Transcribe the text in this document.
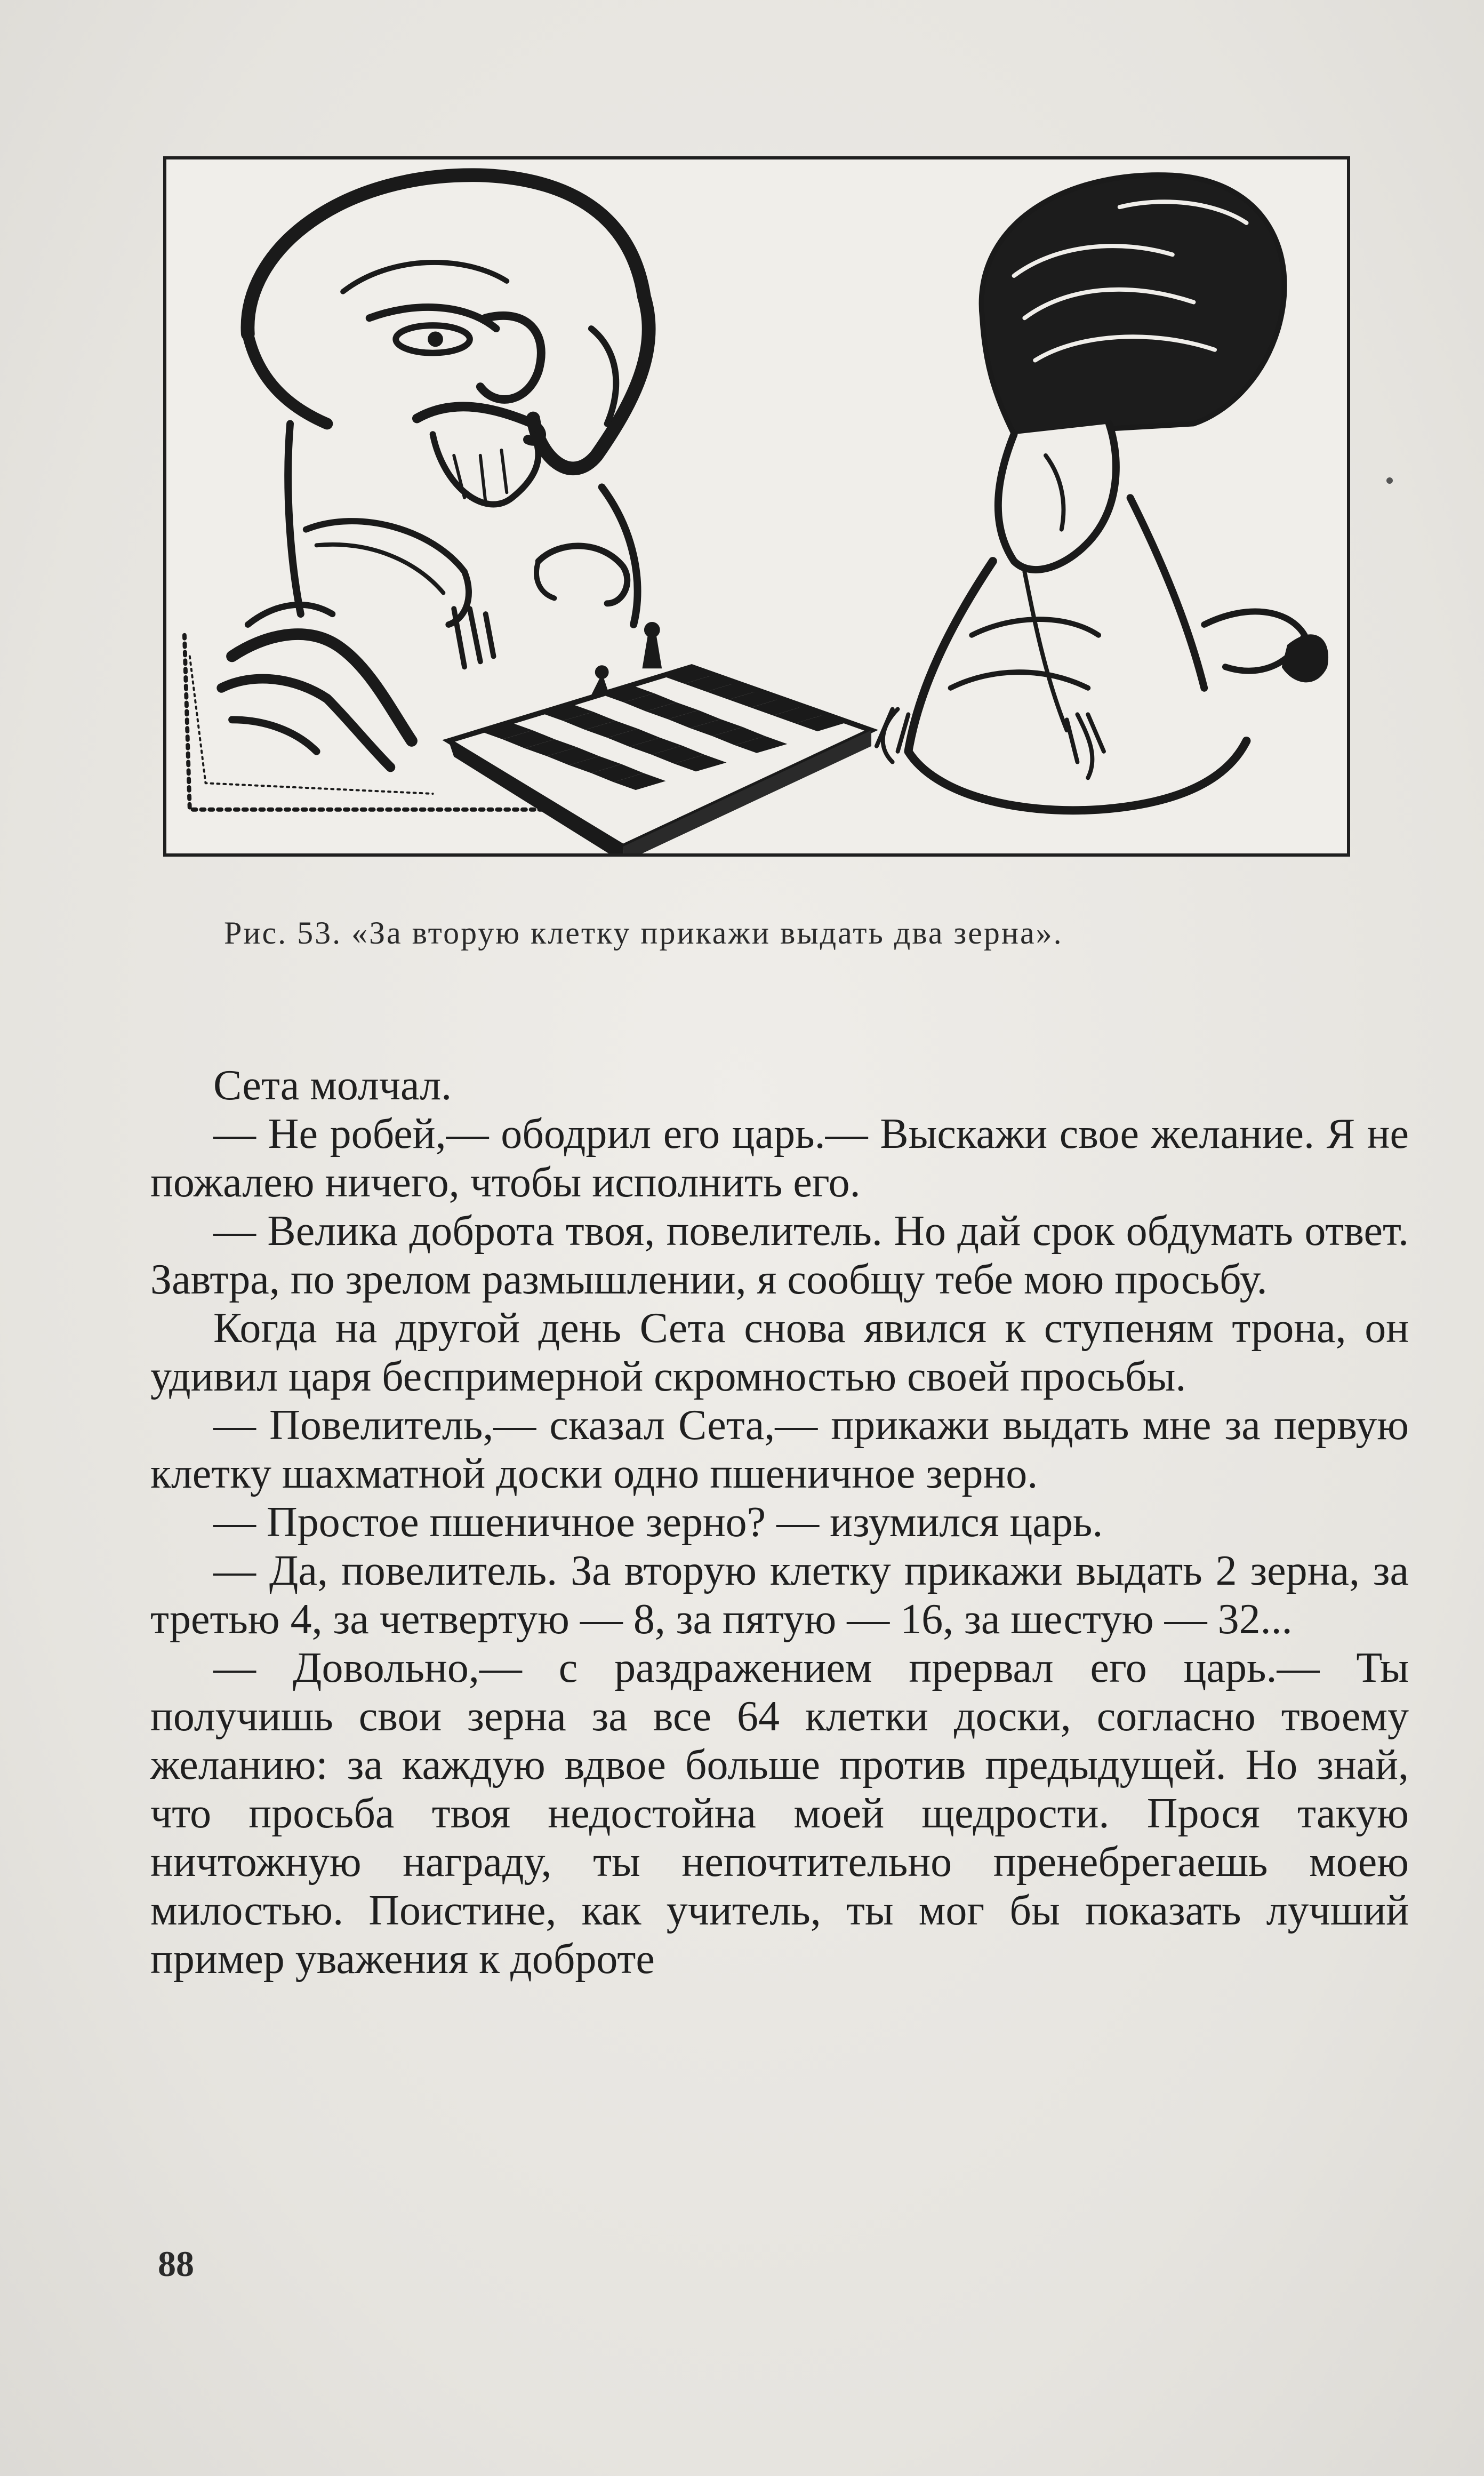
Рис. 53. «За вторую клетку прикажи выдать два зерна».

Сета молчал.

— Не робей,— ободрил его царь.— Выскажи свое желание. Я не пожалею ничего, чтобы исполнить его.

— Велика доброта твоя, повелитель. Но дай срок обдумать ответ. Завтра, по зрелом размышлении, я сообщу тебе мою просьбу.

Когда на другой день Сета снова явился к ступеням трона, он удивил царя беспримерной скромностью своей просьбы.

— Повелитель,— сказал Сета,— прикажи выдать мне за первую клетку шахматной доски одно пшеничное зерно.

— Простое пшеничное зерно? — изумился царь.

— Да, повелитель. За вторую клетку прикажи выдать 2 зерна, за третью 4, за четвертую — 8, за пятую — 16, за шестую — 32...

— Довольно,— с раздражением прервал его царь.— Ты получишь свои зерна за все 64 клетки доски, согласно твоему желанию: за каждую вдвое больше против предыдущей. Но знай, что просьба твоя недостойна моей щедрости. Прося такую ничтожную награду, ты непочтительно пренебрегаешь моею милостью. Поистине, как учитель, ты мог бы показать лучший пример уважения к доброте

88
